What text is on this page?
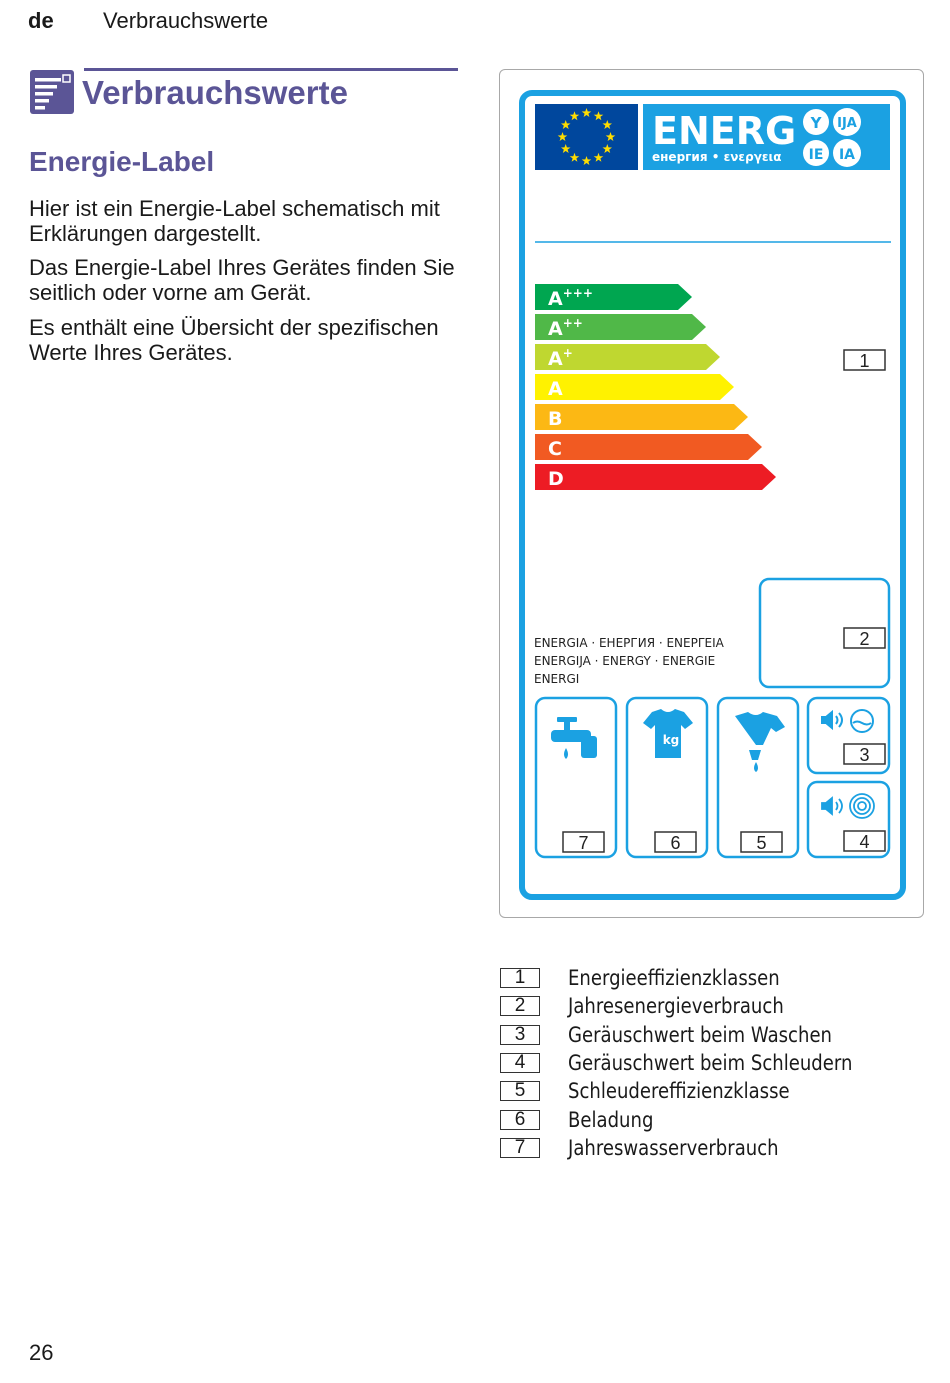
de Verbrauchswerte
Verbrauchswerte
Energie-Label
Hier ist ein Energie-Label schematisch mit Erklärungen dargestellt.
Das Energie-Label Ihres Gerätes finden Sie seitlich oder vorne am Gerät.
Es enthält eine Übersicht der spezifischen Werte Ihres Gerätes.
ENERG
енергия • ενεργεια
Y IJA
IE IA
A+++
A++
A+
A
B
C
D
1
2
ENERGIA · ЕНЕРГИЯ · ΕΝΕΡΓΕΙΑ
ENERGIJA · ENERGY · ENERGIE
ENERGI
kg
3
4
5
6
7
1	Energieeffizienzklassen
2	Jahresenergieverbrauch
3	Geräuschwert beim Waschen
4	Geräuschwert beim Schleudern
5	Schleudereffizienzklasse
6	Beladung
7	Jahreswasserverbrauch
26
